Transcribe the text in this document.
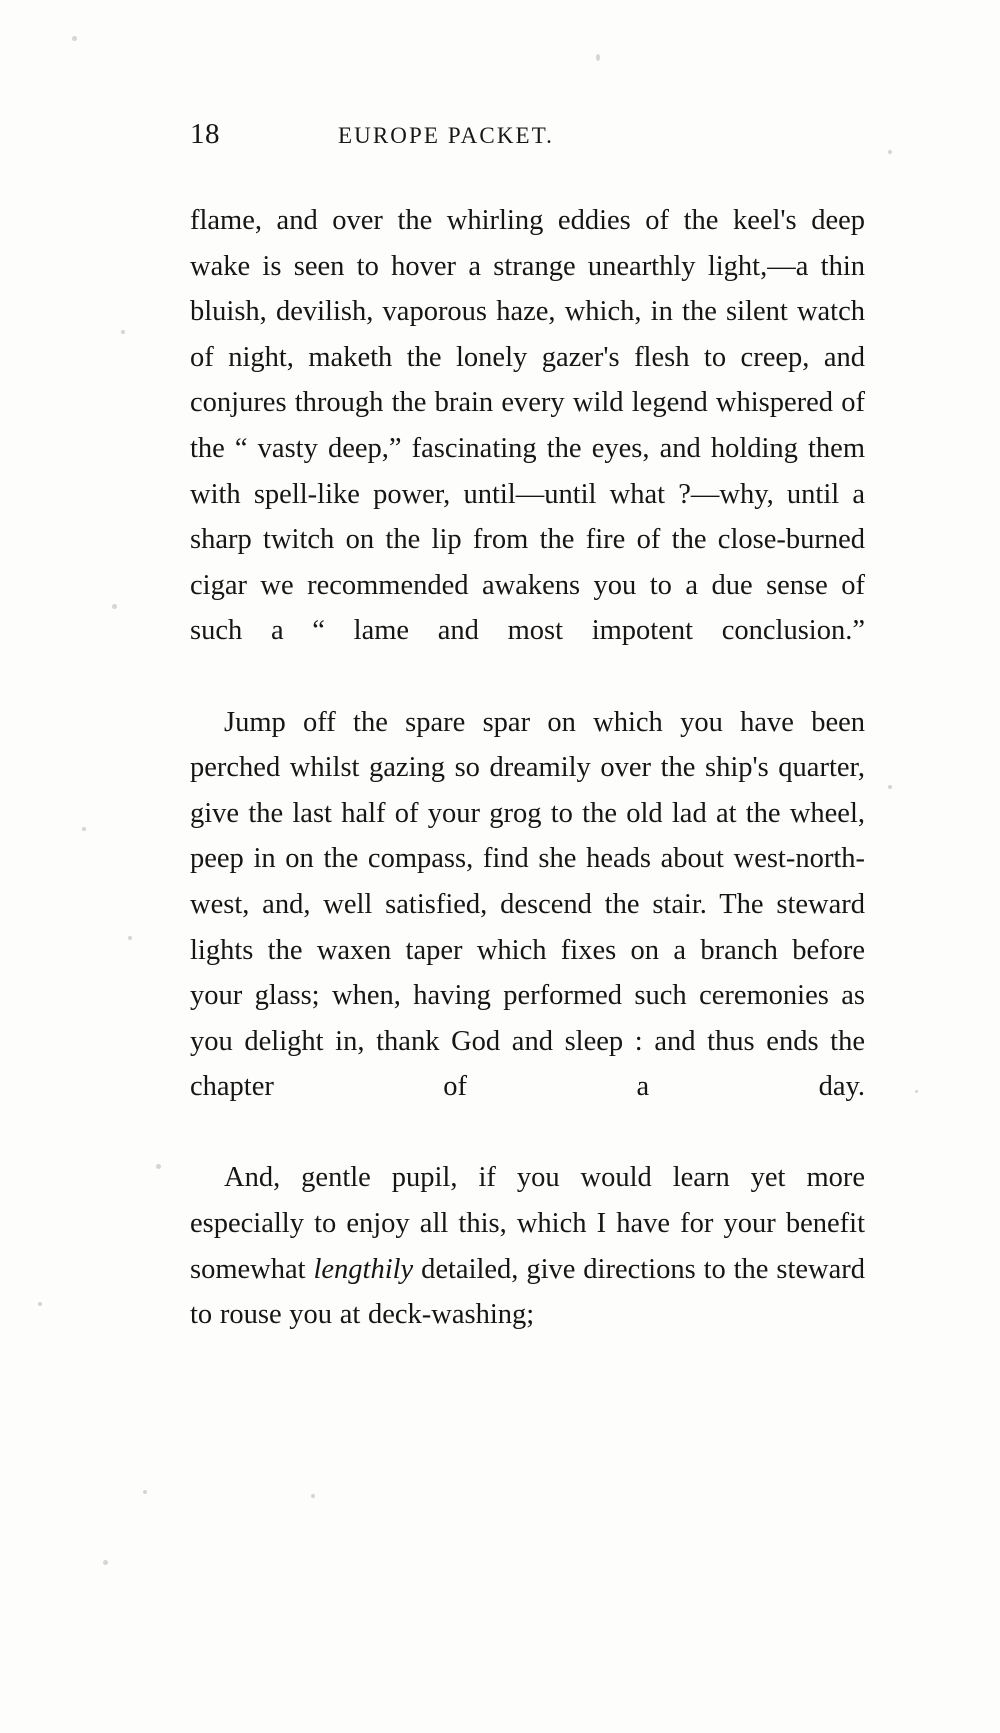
18	EUROPE PACKET.

flame, and over the whirling eddies of the keel's deep wake is seen to hover a strange unearthly light,—a thin bluish, devilish, vaporous haze, which, in the silent watch of night, maketh the lonely gazer's flesh to creep, and conjures through the brain every wild legend whispered of the “ vasty deep,” fascinating the eyes, and holding them with spell-like power, until—until what ?—why, until a sharp twitch on the lip from the fire of the close-burned cigar we recommended awakens you to a due sense of such a “ lame and most impotent conclusion.”

Jump off the spare spar on which you have been perched whilst gazing so dreamily over the ship's quarter, give the last half of your grog to the old lad at the wheel, peep in on the compass, find she heads about west-north-west, and, well satisfied, descend the stair. The steward lights the waxen taper which fixes on a branch before your glass; when, having performed such ceremonies as you delight in, thank God and sleep : and thus ends the chapter of a day.

And, gentle pupil, if you would learn yet more especially to enjoy all this, which I have for your benefit somewhat lengthily detailed, give directions to the steward to rouse you at deck-washing;
